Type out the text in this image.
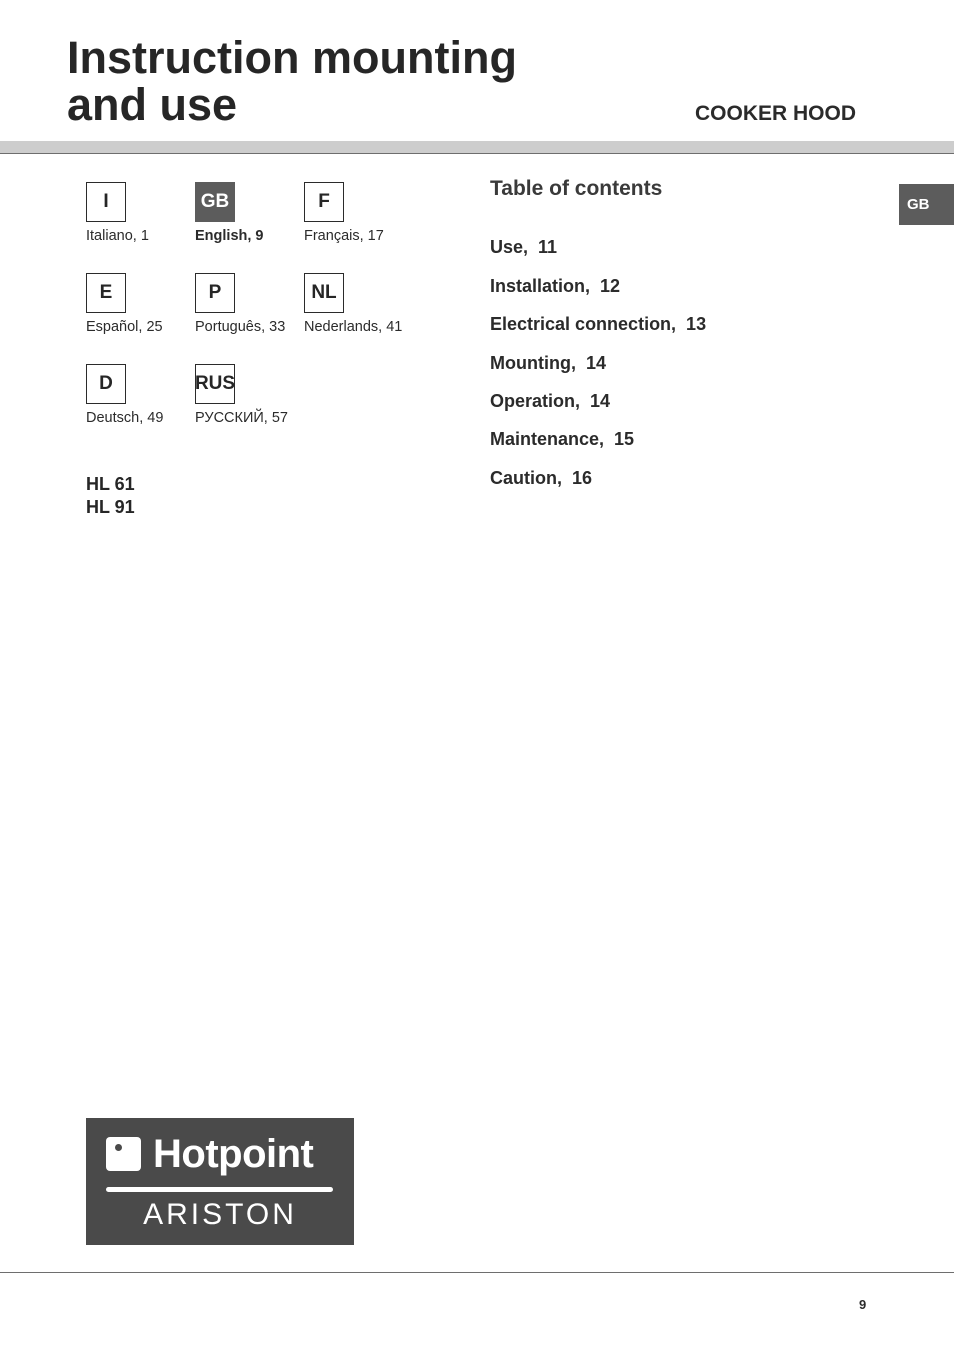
Instruction mounting
and use	COOKER HOOD
I
Italiano, 1
GB
English, 9
F
Français, 17
E
Español, 25
P
Português, 33
NL
Nederlands, 41
D
Deutsch, 49
RUS
РУССКИЙ, 57
HL 61
HL 91
Table of contents
Use,  11
Installation,  12
Electrical connection,  13
Mounting,  14
Operation,  14
Maintenance,  15
Caution,  16
GB
Hotpoint
ARISTON
9
